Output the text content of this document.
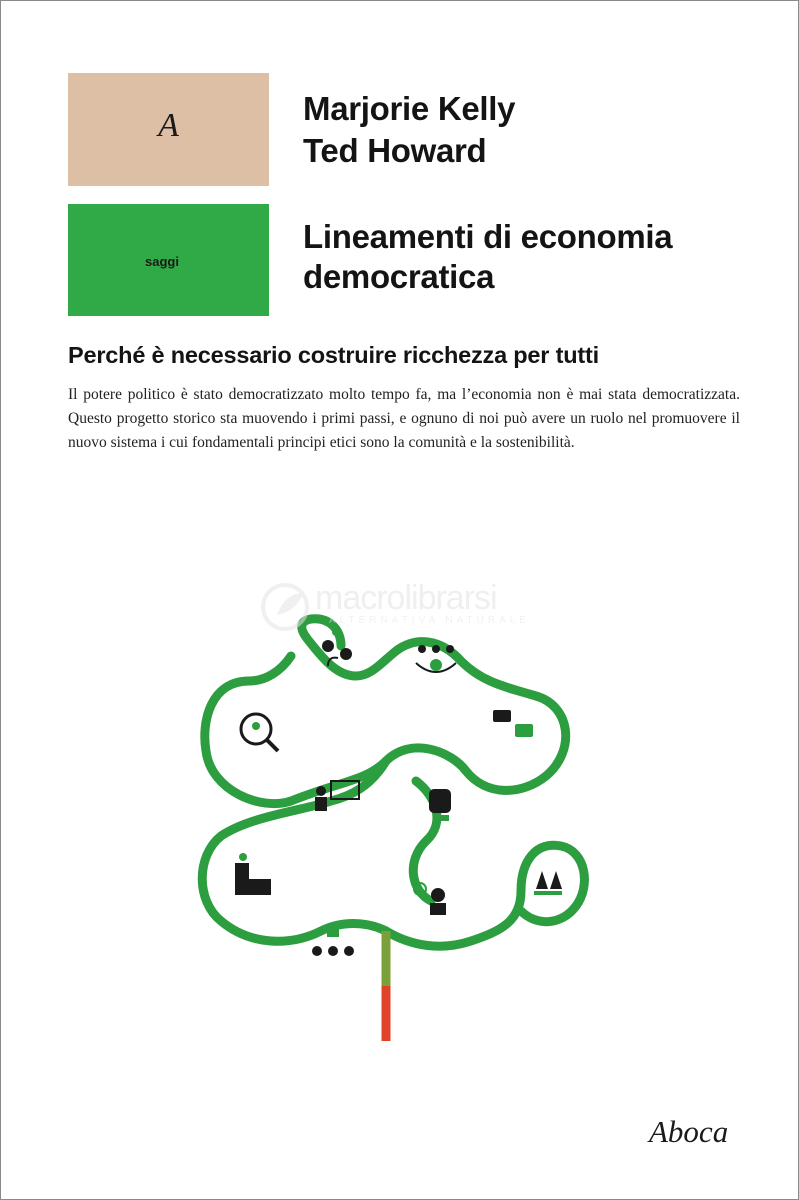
A
saggi
Marjorie Kelly
Ted Howard
Lineamenti di economia
democratica
Perché è necessario costruire ricchezza per tutti

Il potere politico è stato democratizzato molto tempo fa, ma l’economia non è mai stata democratizzata. Questo progetto storico sta muovendo i primi passi, e ognuno di noi può avere un ruolo nel promuovere il nuovo sistema i cui fondamentali principi etici sono la comunità e la sostenibilità.

macrolibrarsi
ALTERNATIVA NATURALE
Aboca
